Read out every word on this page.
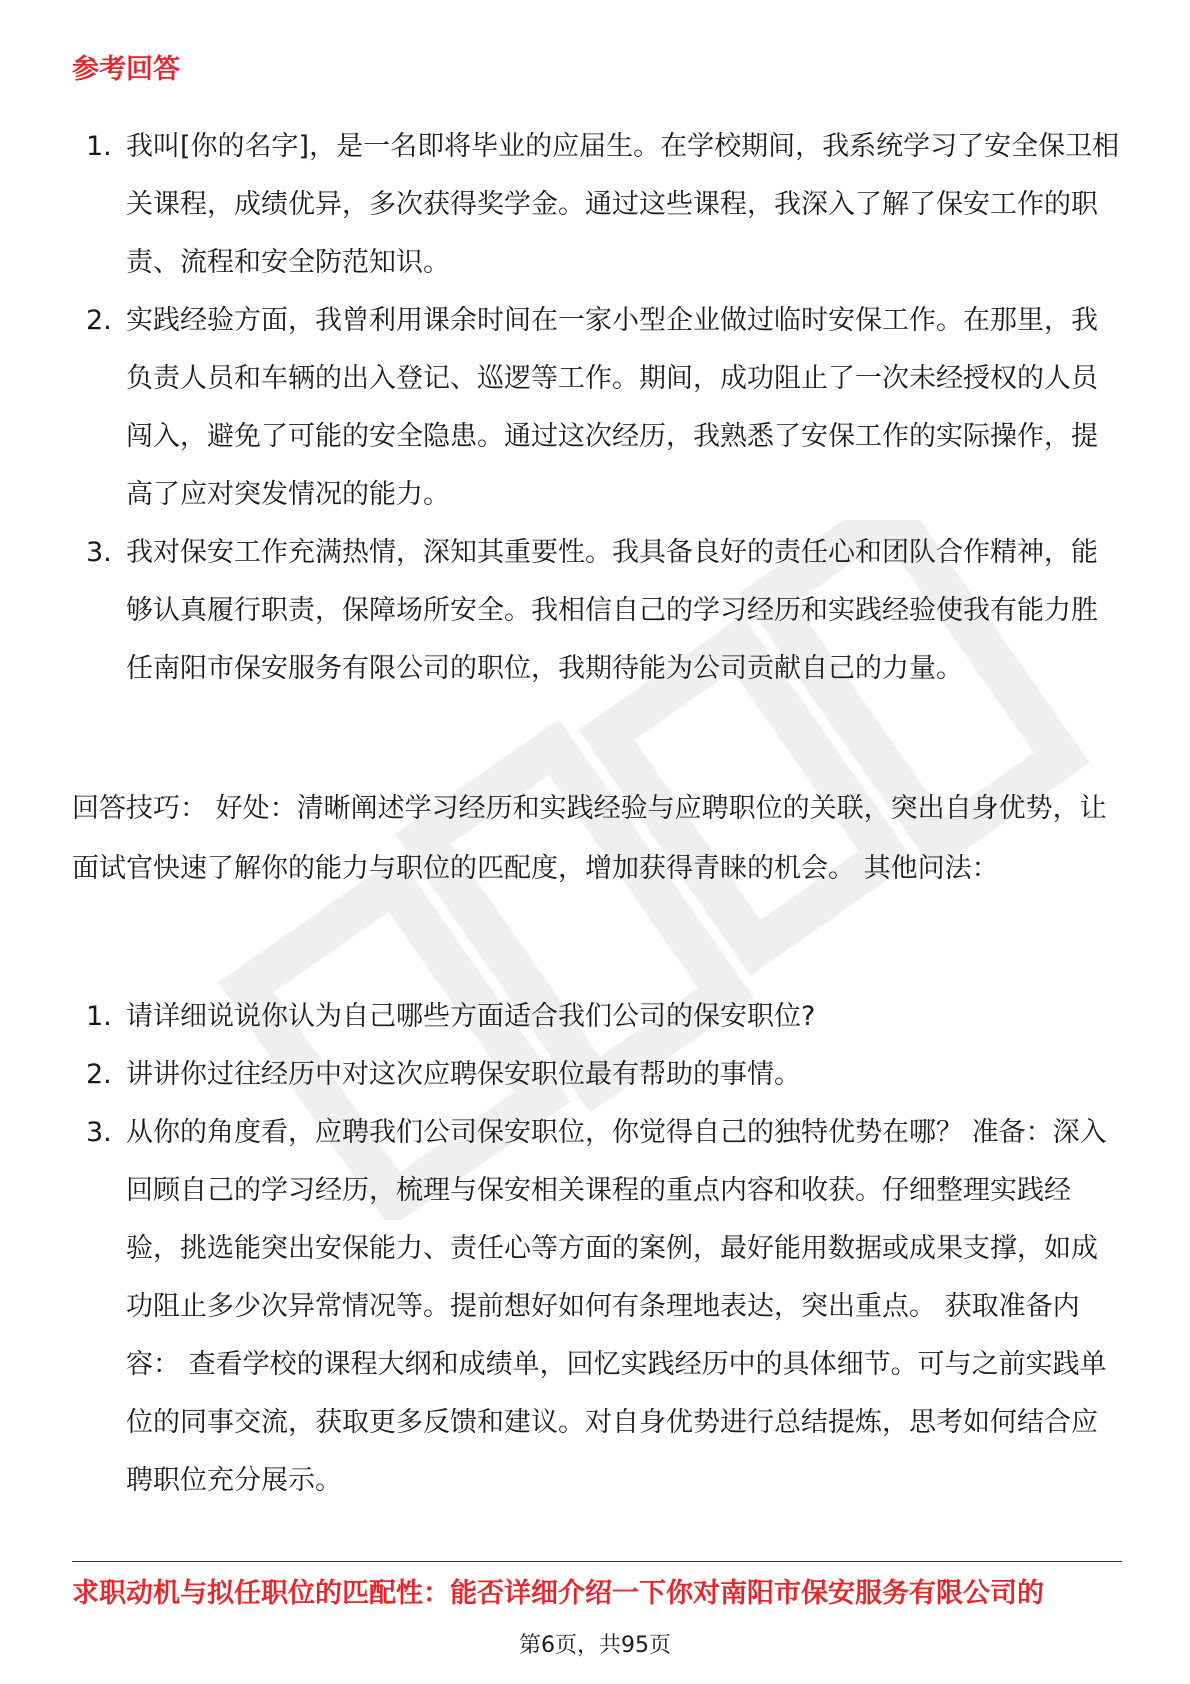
参考回答
1. 我叫[你的名字]，是一名即将毕业的应届生。在学校期间，我系统学习了安全保卫相关课程，成绩优异，多次获得奖学金。通过这些课程，我深入了解了保安工作的职责、流程和安全防范知识。
2. 实践经验方面，我曾利用课余时间在一家小型企业做过临时安保工作。在那里，我负责人员和车辆的出入登记、巡逻等工作。期间，成功阻止了一次未经授权的人员闯入，避免了可能的安全隐患。通过这次经历，我熟悉了安保工作的实际操作，提高了应对突发情况的能力。
3. 我对保安工作充满热情，深知其重要性。我具备良好的责任心和团队合作精神，能够认真履行职责，保障场所安全。我相信自己的学习经历和实践经验使我有能力胜任南阳市保安服务有限公司的职位，我期待能为公司贡献自己的力量。
回答技巧： 好处：清晰阐述学习经历和实践经验与应聘职位的关联，突出自身优势，让面试官快速了解你的能力与职位的匹配度，增加获得青睐的机会。 其他问法：
1. 请详细说说你认为自己哪些方面适合我们公司的保安职位?
2. 讲讲你过往经历中对这次应聘保安职位最有帮助的事情。
3. 从你的角度看，应聘我们公司保安职位，你觉得自己的独特优势在哪？ 准备：深入回顾自己的学习经历，梳理与保安相关课程的重点内容和收获。仔细整理实践经验，挑选能突出安保能力、责任心等方面的案例，最好能用数据或成果支撑，如成功阻止多少次异常情况等。提前想好如何有条理地表达，突出重点。 获取准备内容： 查看学校的课程大纲和成绩单，回忆实践经历中的具体细节。可与之前实践单位的同事交流，获取更多反馈和建议。对自身优势进行总结提炼，思考如何结合应聘职位充分展示。
求职动机与拟任职位的匹配性：能否详细介绍一下你对南阳市保安服务有限公司的
第6页，共95页
